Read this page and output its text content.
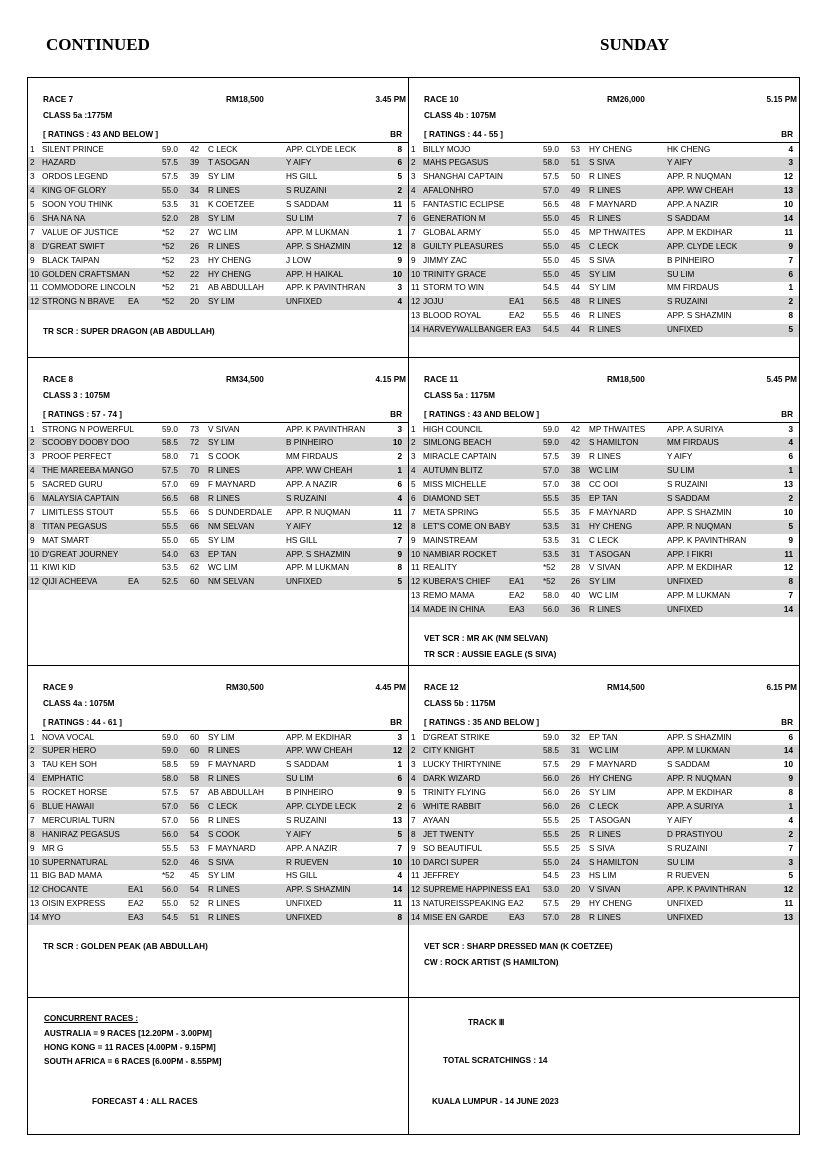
CONTINUED	SUNDAY
RACE 7	RM18,500	3.45 PM
CLASS 5a :1775M
[ RATINGS : 43 AND BELOW ]	BR
1 SILENT PRINCE	59.0 42 C LECK	APP. CLYDE LECK	8
2 HAZARD	57.5 39 T ASOGAN	Y AIFY	6
3 ORDOS LEGEND	57.5 39 SY LIM	HS GILL	5
4 KING OF GLORY	55.0 34 R LINES	S RUZAINI	2
5 SOON YOU THINK	53.5 31 K COETZEE	S SADDAM	11
6 SHA NA NA	52.0 28 SY LIM	SU LIM	7
7 VALUE OF JUSTICE	*52 27 WC LIM	APP. M LUKMAN	1
8 D'GREAT SWIFT	*52 26 R LINES	APP. S SHAZMIN	12
9 BLACK TAIPAN	*52 23 HY CHENG	J LOW	9
10 GOLDEN CRAFTSMAN	*52 22 HY CHENG	APP. H HAIKAL	10
11 COMMODORE LINCOLN	*52 21 AB ABDULLAH	APP. K PAVINTHRAN	3
12 STRONG N BRAVE EA	*52 20 SY LIM	UNFIXED	4
TR SCR : SUPER DRAGON (AB ABDULLAH)
RACE 10	RM26,000	5.15 PM
CLASS 4b : 1075M
[ RATINGS : 44 - 55 ]	BR
1 BILLY MOJO	59.0 53 HY CHENG	HK CHENG	4
2 MAHS PEGASUS	58.0 51 S SIVA	Y AIFY	3
3 SHANGHAI CAPTAIN	57.5 50 R LINES	APP. R NUQMAN	12
4 AFALONHRO	57.0 49 R LINES	APP. WW CHEAH	13
5 FANTASTIC ECLIPSE	56.5 48 F MAYNARD	APP. A NAZIR	10
6 GENERATION M	55.0 45 R LINES	S SADDAM	14
7 GLOBAL ARMY	55.0 45 MP THWAITES	APP. M EKDIHAR	11
8 GUILTY PLEASURES	55.0 45 C LECK	APP. CLYDE LECK	9
9 JIMMY ZAC	55.0 45 S SIVA	B PINHEIRO	7
10 TRINITY GRACE	55.0 45 SY LIM	SU LIM	6
11 STORM TO WIN	54.5 44 SY LIM	MM FIRDAUS	1
12 JOJU	EA1 56.5 48 R LINES	S RUZAINI	2
13 BLOOD ROYAL	EA2 55.5 46 R LINES	APP. S SHAZMIN	8
14 HARVEYWALLBANGER EA3 54.5 44 R LINES	UNFIXED	5
RACE 8	RM34,500	4.15 PM
CLASS 3 : 1075M
[ RATINGS : 57 - 74 ]	BR
1 STRONG N POWERFUL	59.0 73 V SIVAN	APP. K PAVINTHRAN	3
2 SCOOBY DOOBY DOO	58.5 72 SY LIM	B PINHEIRO	10
3 PROOF PERFECT	58.0 71 S COOK	MM FIRDAUS	2
4 THE MAREEBA MANGO	57.5 70 R LINES	APP. WW CHEAH	1
5 SACRED GURU	57.0 69 F MAYNARD	APP. A NAZIR	6
6 MALAYSIA CAPTAIN	56.5 68 R LINES	S RUZAINI	4
7 LIMITLESS STOUT	55.5 66 S DUNDERDALE APP. R NUQMAN	11
8 TITAN PEGASUS	55.5 66 NM SELVAN	Y AIFY	12
9 MAT SMART	55.0 65 SY LIM	HS GILL	7
10 D'GREAT JOURNEY	54.0 63 EP TAN	APP. S SHAZMIN	9
11 KIWI KID	53.5 62 WC LIM	APP. M LUKMAN	8
12 QIJI ACHEEVA	EA	52.5 60 NM SELVAN	UNFIXED	5
RACE 11	RM18,500	5.45 PM
CLASS 5a : 1175M
[ RATINGS : 43 AND BELOW ]	BR
1 HIGH COUNCIL	59.0 42 MP THWAITES	APP. A SURIYA	3
2 SIMLONG BEACH	59.0 42 S HAMILTON	MM FIRDAUS	4
3 MIRACLE CAPTAIN	57.5 39 R LINES	Y AIFY	6
4 AUTUMN BLITZ	57.0 38 WC LIM	SU LIM	1
5 MISS MICHELLE	57.0 38 CC OOI	S RUZAINI	13
6 DIAMOND SET	55.5 35 EP TAN	S SADDAM	2
7 META SPRING	55.5 35 F MAYNARD	APP. S SHAZMIN	10
8 LET'S COME ON BABY	53.5 31 HY CHENG	APP. R NUQMAN	5
9 MAINSTREAM	53.5 31 C LECK	APP. K PAVINTHRAN	9
10 NAMBIAR ROCKET	53.5 31 T ASOGAN	APP. I FIKRI	11
11 REALITY	*52 28 V SIVAN	APP. M EKDIHAR	12
12 KUBERA'S CHIEF EA1 *52 26 SY LIM	UNFIXED	8
13 REMO MAMA	EA2 58.0 40 WC LIM	APP. M LUKMAN	7
14 MADE IN CHINA	EA3 56.0 36 R LINES	UNFIXED	14
VET SCR : MR AK (NM SELVAN)
TR SCR : AUSSIE EAGLE (S SIVA)
RACE 9	RM30,500	4.45 PM
CLASS 4a : 1075M
[ RATINGS : 44 - 61 ]	BR
1 NOVA VOCAL	59.0 60 SY LIM	APP. M EKDIHAR	3
2 SUPER HERO	59.0 60 R LINES	APP. WW CHEAH	12
3 TAU KEH SOH	58.5 59 F MAYNARD	S SADDAM	1
4 EMPHATIC	58.0 58 R LINES	SU LIM	6
5 ROCKET HORSE	57.5 57 AB ABDULLAH	B PINHEIRO	9
6 BLUE HAWAII	57.0 56 C LECK	APP. CLYDE LECK	2
7 MERCURIAL TURN	57.0 56 R LINES	S RUZAINI	13
8 HANIRAZ PEGASUS	56.0 54 S COOK	Y AIFY	5
9 MR G	55.5 53 F MAYNARD	APP. A NAZIR	7
10 SUPERNATURAL	52.0 46 S SIVA	R RUEVEN	10
11 BIG BAD MAMA	*52 45 SY LIM	HS GILL	4
12 CHOCANTE	EA1 56.0 54 R LINES	APP. S SHAZMIN	14
13 OISIN EXPRESS	EA2 55.0 52 R LINES	UNFIXED	11
14 MYO	EA3 54.5 51 R LINES	UNFIXED	8
TR SCR : GOLDEN PEAK (AB ABDULLAH)
RACE 12	RM14,500	6.15 PM
CLASS 5b : 1175M
[ RATINGS : 35 AND BELOW ]	BR
1 D'GREAT STRIKE	59.0 32 EP TAN	APP. S SHAZMIN	6
2 CITY KNIGHT	58.5 31 WC LIM	APP. M LUKMAN	14
3 LUCKY THIRTYNINE	57.5 29 F MAYNARD	S SADDAM	10
4 DARK WIZARD	56.0 26 HY CHENG	APP. R NUQMAN	9
5 TRINITY FLYING	56.0 26 SY LIM	APP. M EKDIHAR	8
6 WHITE RABBIT	56.0 26 C LECK	APP. A SURIYA	1
7 AYAAN	55.5 25 T ASOGAN	Y AIFY	4
8 JET TWENTY	55.5 25 R LINES	D PRASTIYOU	2
9 SO BEAUTIFUL	55.5 25 S SIVA	S RUZAINI	7
10 DARCI SUPER	55.0 24 S HAMILTON	SU LIM	3
11 JEFFREY	54.5 23 HS LIM	R RUEVEN	5
12 SUPREME HAPPINESS EA1 53.0 20 V SIVAN	APP. K PAVINTHRAN	12
13 NATUREISSPEAKING EA2 57.5 29 HY CHENG	UNFIXED	11
14 MISE EN GARDE	EA3 57.0 28 R LINES	UNFIXED	13
VET SCR : SHARP DRESSED MAN (K COETZEE)
CW : ROCK ARTIST (S HAMILTON)
CONCURRENT RACES :
AUSTRALIA = 9 RACES [12.20PM - 3.00PM]
HONG KONG = 11 RACES [4.00PM - 9.15PM]
SOUTH AFRICA = 6 RACES [6.00PM - 8.55PM]
FORECAST 4 : ALL RACES
TRACK Ⅲ
TOTAL SCRATCHINGS : 14
KUALA LUMPUR - 14 JUNE 2023
